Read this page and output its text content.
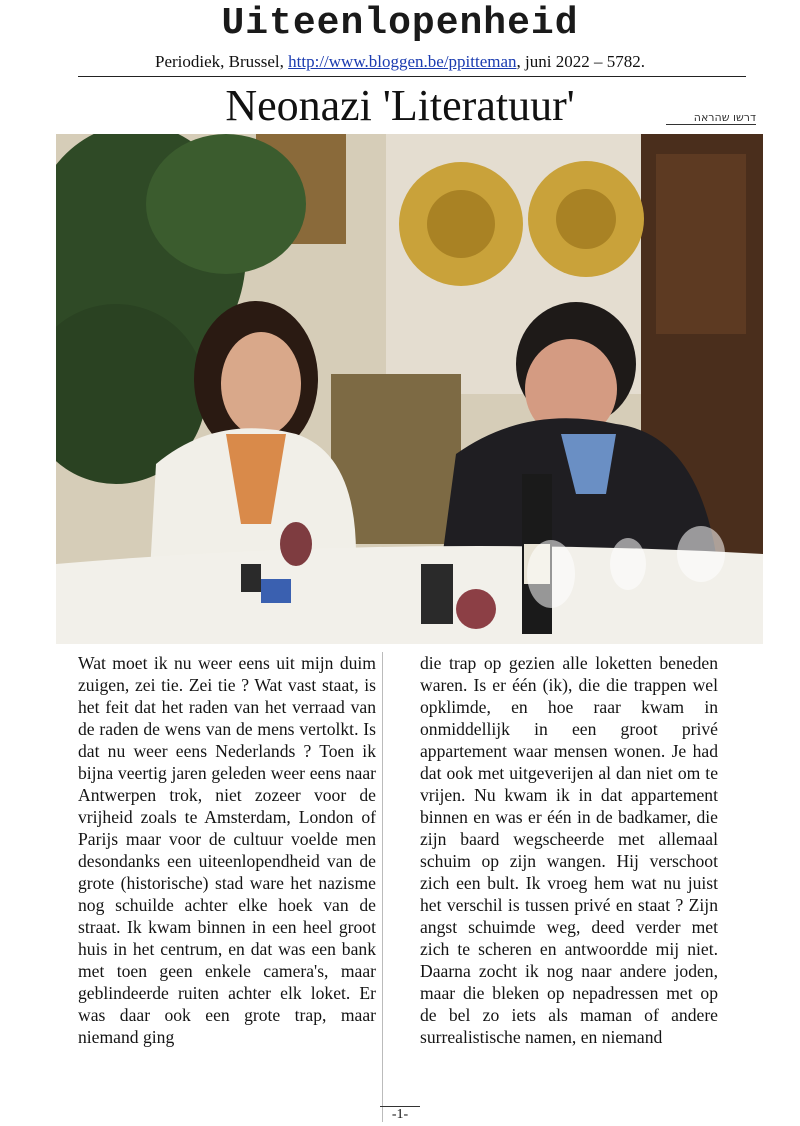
Uiteenlopenheid
Periodiek, Brussel, http://www.bloggen.be/ppitteman, juni 2022 – 5782.
Neonazi 'Literatuur'	דרשו שהראה

Wat moet ik nu weer eens uit mijn duim zuigen, zei tie. Zei tie ? Wat vast staat, is het feit dat het raden van het verraad van de raden de wens van de mens vertolkt. Is dat nu weer eens Nederlands ? Toen ik bijna veertig jaren geleden weer eens naar Antwerpen trok, niet zozeer voor de vrijheid zoals te Amsterdam, London of Parijs maar voor de cultuur voelde men desondanks een uiteenlopendheid van de grote (historische) stad ware het nazisme nog schuilde achter elke hoek van de straat. Ik kwam binnen in een heel groot huis in het centrum, en dat was een bank met toen geen enkele camera's, maar geblindeerde ruiten achter elk loket. Er was daar ook een grote trap, maar niemand ging

die trap op gezien alle loketten beneden waren. Is er één (ik), die die trappen wel opklimde, en hoe raar kwam in onmiddellijk in een groot privé appartement waar mensen wonen. Je had dat ook met uitgeverijen al dan niet om te vrijen. Nu kwam ik in dat appartement binnen en was er één in de badkamer, die zijn baard wegscheerde met allemaal schuim op zijn wangen. Hij verschoot zich een bult. Ik vroeg hem wat nu juist het verschil is tussen privé en staat ? Zijn angst schuimde weg, deed verder met zich te scheren en antwoordde mij niet. Daarna zocht ik nog naar andere joden, maar die bleken op nepadressen met op de bel zo iets als maman of andere surrealistische namen, en niemand

-1-
